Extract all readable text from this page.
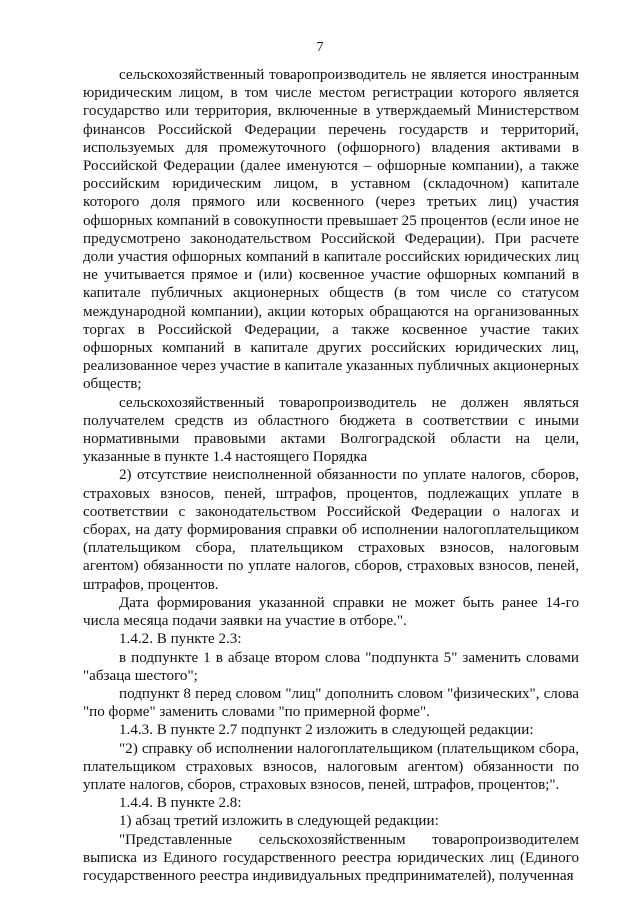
7

сельскохозяйственный товаропроизводитель не является иностранным юридическим лицом, в том числе местом регистрации которого является государство или территория, включенные в утверждаемый Министерством финансов Российской Федерации перечень государств и территорий, используемых для промежуточного (офшорного) владения активами в Российской Федерации (далее именуются – офшорные компании), а также российским юридическим лицом, в уставном (складочном) капитале которого доля прямого или косвенного (через третьих лиц) участия офшорных компаний в совокупности превышает 25 процентов (если иное не предусмотрено законодательством Российской Федерации). При расчете доли участия офшорных компаний в капитале российских юридических лиц не учитывается прямое и (или) косвенное участие офшорных компаний в капитале публичных акционерных обществ (в том числе со статусом международной компании), акции которых обращаются на организованных торгах в Российской Федерации, а также косвенное участие таких офшорных компаний в капитале других российских юридических лиц, реализованное через участие в капитале указанных публичных акционерных обществ;

сельскохозяйственный товаропроизводитель не должен являться получателем средств из областного бюджета в соответствии с иными нормативными правовыми актами Волгоградской области на цели, указанные в пункте 1.4 настоящего Порядка

2) отсутствие неисполненной обязанности по уплате налогов, сборов, страховых взносов, пеней, штрафов, процентов, подлежащих уплате в соответствии с законодательством Российской Федерации о налогах и сборах, на дату формирования справки об исполнении налогоплательщиком (плательщиком сбора, плательщиком страховых взносов, налоговым агентом) обязанности по уплате налогов, сборов, страховых взносов, пеней, штрафов, процентов.

Дата формирования указанной справки не может быть ранее 14-го числа месяца подачи заявки на участие в отборе.".

1.4.2. В пункте 2.3:

в подпункте 1 в абзаце втором слова "подпункта 5" заменить словами "абзаца шестого";

подпункт 8 перед словом "лиц" дополнить словом "физических", слова "по форме" заменить словами "по примерной форме".

1.4.3. В пункте 2.7 подпункт 2 изложить в следующей редакции:

"2) справку об исполнении налогоплательщиком (плательщиком сбора, плательщиком страховых взносов, налоговым агентом) обязанности по уплате налогов, сборов, страховых взносов, пеней, штрафов, процентов;".

1.4.4. В пункте 2.8:

1) абзац третий изложить в следующей редакции:

"Представленные сельскохозяйственным товаропроизводителем выписка из Единого государственного реестра юридических лиц (Единого государственного реестра индивидуальных предпринимателей), полученная
